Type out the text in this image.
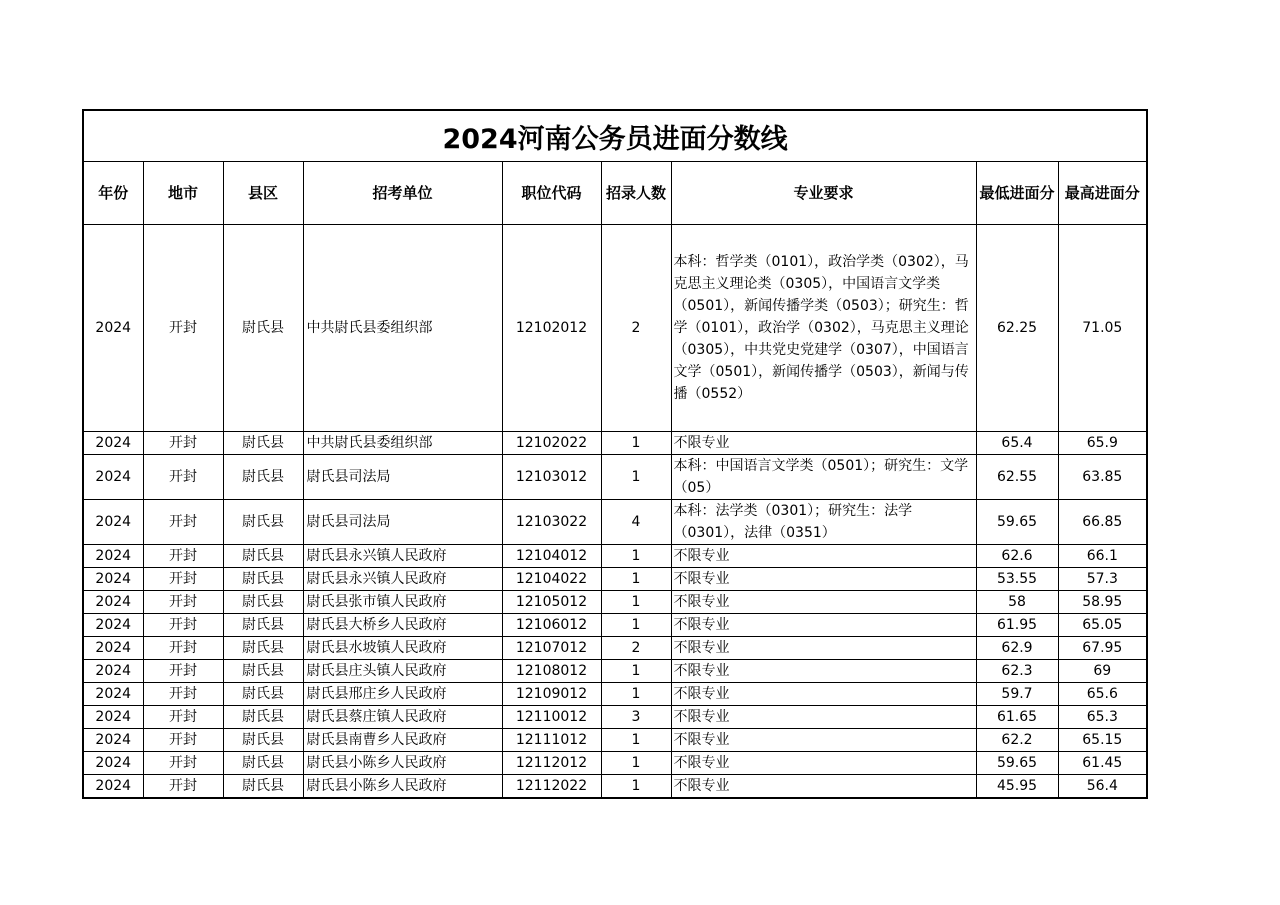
2024河南公务员进面分数线								
年份	地市	县区	招考单位	职位代码	招录人数	专业要求	最低进面分	最高进面分
2024	开封	尉氏县	中共尉氏县委组织部	12102012	2	本科：哲学类（0101），政治学类（0302），马克思主义理论类（0305），中国语言文学类（0501），新闻传播学类（0503）；研究生：哲学（0101），政治学（0302），马克思主义理论（0305），中共党史党建学（0307），中国语言文学（0501），新闻传播学（0503），新闻与传播（0552）	62.25	71.05
2024	开封	尉氏县	中共尉氏县委组织部	12102022	1	不限专业	65.4	65.9
2024	开封	尉氏县	尉氏县司法局	12103012	1	本科：中国语言文学类（0501）；研究生：文学（05）	62.55	63.85
2024	开封	尉氏县	尉氏县司法局	12103022	4	本科：法学类（0301）；研究生：法学（0301），法律（0351）	59.65	66.85
2024	开封	尉氏县	尉氏县永兴镇人民政府	12104012	1	不限专业	62.6	66.1
2024	开封	尉氏县	尉氏县永兴镇人民政府	12104022	1	不限专业	53.55	57.3
2024	开封	尉氏县	尉氏县张市镇人民政府	12105012	1	不限专业	58	58.95
2024	开封	尉氏县	尉氏县大桥乡人民政府	12106012	1	不限专业	61.95	65.05
2024	开封	尉氏县	尉氏县水坡镇人民政府	12107012	2	不限专业	62.9	67.95
2024	开封	尉氏县	尉氏县庄头镇人民政府	12108012	1	不限专业	62.3	69
2024	开封	尉氏县	尉氏县邢庄乡人民政府	12109012	1	不限专业	59.7	65.6
2024	开封	尉氏县	尉氏县蔡庄镇人民政府	12110012	3	不限专业	61.65	65.3
2024	开封	尉氏县	尉氏县南曹乡人民政府	12111012	1	不限专业	62.2	65.15
2024	开封	尉氏县	尉氏县小陈乡人民政府	12112012	1	不限专业	59.65	61.45
2024	开封	尉氏县	尉氏县小陈乡人民政府	12112022	1	不限专业	45.95	56.4
